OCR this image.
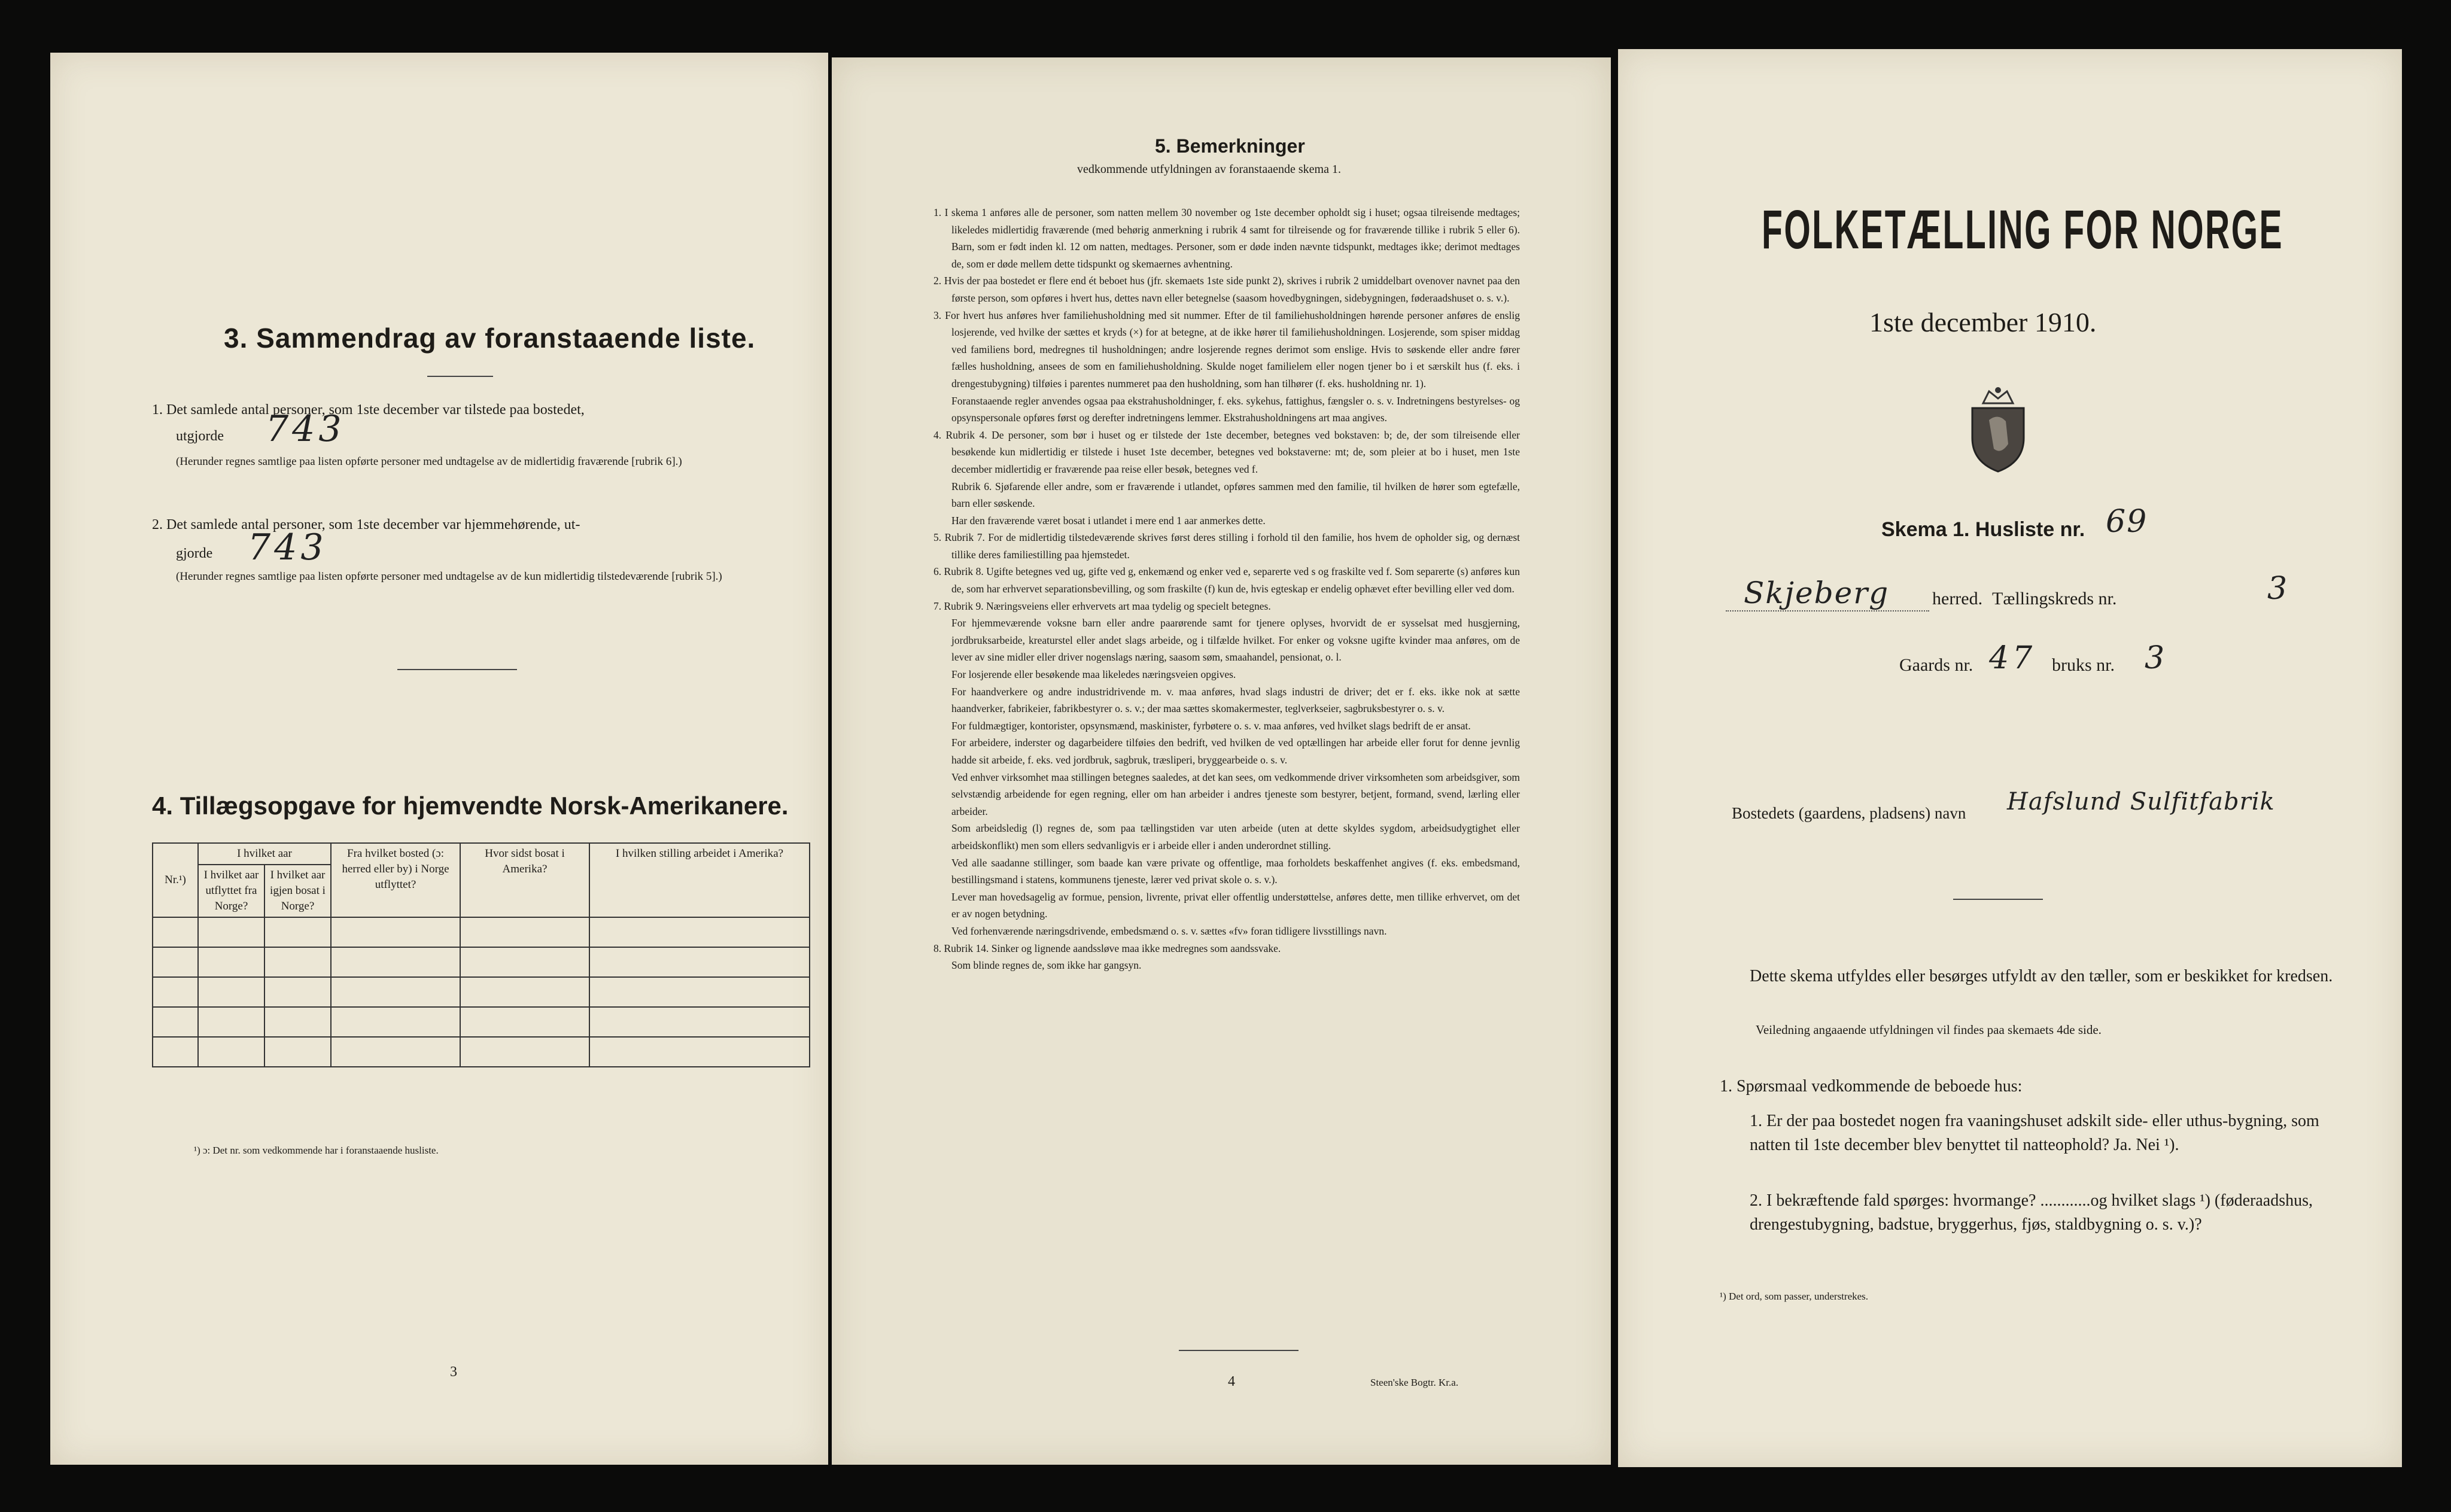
3. Sammendrag av foranstaaende liste.
1. Det samlede antal personer, som 1ste december var tilstede paa bostedet,
utgjorde 743
(Herunder regnes samtlige paa listen opførte personer med undtagelse av de midlertidig fraværende [rubrik 6].)
2. Det samlede antal personer, som 1ste december var hjemmehørende, ut-
gjorde 743
(Herunder regnes samtlige paa listen opførte personer med undtagelse av de kun midlertidig tilstedeværende [rubrik 5].)
4. Tillægsopgave for hjemvendte Norsk-Amerikanere.
Nr.¹)	I hvilket aar		Fra hvilket bosted (ɔ: herred eller by) i Norge utflyttet?	Hvor sidst bosat i Amerika?	I hvilken stilling arbeidet i Amerika?
	I hvilket aar utflyttet fra Norge?	I hvilket aar igjen bosat i Norge?			

¹) ɔ: Det nr. som vedkommende har i foranstaaende husliste.
3
5. Bemerkninger
vedkommende utfyldningen av foranstaaende skema 1.

1. I skema 1 anføres alle de personer, som natten mellem 30 november og 1ste december opholdt sig i huset; ogsaa tilreisende medtages; likeledes midlertidig fraværende (med behørig anmerkning i rubrik 4 samt for tilreisende og for fraværende tillike i rubrik 5 eller 6). Barn, som er født inden kl. 12 om natten, medtages. Personer, som er døde inden nævnte tidspunkt, medtages ikke; derimot medtages de, som er døde mellem dette tidspunkt og skemaernes avhentning.

2. Hvis der paa bostedet er flere end ét beboet hus (jfr. skemaets 1ste side punkt 2), skrives i rubrik 2 umiddelbart ovenover navnet paa den første person, som opføres i hvert hus, dettes navn eller betegnelse (saasom hovedbygningen, sidebygningen, føderaadshuset o. s. v.).

3. For hvert hus anføres hver familiehusholdning med sit nummer. Efter de til familiehusholdningen hørende personer anføres de enslig losjerende, ved hvilke der sættes et kryds (×) for at betegne, at de ikke hører til familiehusholdningen. Losjerende, som spiser middag ved familiens bord, medregnes til husholdningen; andre losjerende regnes derimot som enslige. Hvis to søskende eller andre fører fælles husholdning, ansees de som en familiehusholdning. Skulde noget familielem eller nogen tjener bo i et særskilt hus (f. eks. i drengestubygning) tilføies i parentes nummeret paa den husholdning, som han tilhører (f. eks. husholdning nr. 1).

Foranstaaende regler anvendes ogsaa paa ekstrahusholdninger, f. eks. sykehus, fattighus, fængsler o. s. v. Indretningens bestyrelses- og opsynspersonale opføres først og derefter indretningens lemmer. Ekstrahusholdningens art maa angives.

4. Rubrik 4. De personer, som bør i huset og er tilstede der 1ste december, betegnes ved bokstaven: b; de, der som tilreisende eller besøkende kun midlertidig er tilstede i huset 1ste december, betegnes ved bokstaverne: mt; de, som pleier at bo i huset, men 1ste december midlertidig er fraværende paa reise eller besøk, betegnes ved f.

Rubrik 6. Sjøfarende eller andre, som er fraværende i utlandet, opføres sammen med den familie, til hvilken de hører som egtefælle, barn eller søskende.

Har den fraværende været bosat i utlandet i mere end 1 aar anmerkes dette.

5. Rubrik 7. For de midlertidig tilstedeværende skrives først deres stilling i forhold til den familie, hos hvem de opholder sig, og dernæst tillike deres familiestilling paa hjemstedet.

6. Rubrik 8. Ugifte betegnes ved ug, gifte ved g, enkemænd og enker ved e, separerte ved s og fraskilte ved f. Som separerte (s) anføres kun de, som har erhvervet separationsbevilling, og som fraskilte (f) kun de, hvis egteskap er endelig ophævet efter bevilling eller ved dom.

7. Rubrik 9. Næringsveiens eller erhvervets art maa tydelig og specielt betegnes.

For hjemmeværende voksne barn eller andre paarørende samt for tjenere oplyses, hvorvidt de er sysselsat med husgjerning, jordbruksarbeide, kreaturstel eller andet slags arbeide, og i tilfælde hvilket. For enker og voksne ugifte kvinder maa anføres, om de lever av sine midler eller driver nogenslags næring, saasom søm, smaahandel, pensionat, o. l.

For losjerende eller besøkende maa likeledes næringsveien opgives.

For haandverkere og andre industridrivende m. v. maa anføres, hvad slags industri de driver; det er f. eks. ikke nok at sætte haandverker, fabrikeier, fabrikbestyrer o. s. v.; der maa sættes skomakermester, teglverkseier, sagbruksbestyrer o. s. v.

For fuldmægtiger, kontorister, opsynsmænd, maskinister, fyrbøtere o. s. v. maa anføres, ved hvilket slags bedrift de er ansat.

For arbeidere, inderster og dagarbeidere tilføies den bedrift, ved hvilken de ved optællingen har arbeide eller forut for denne jevnlig hadde sit arbeide, f. eks. ved jordbruk, sagbruk, træsliperi, bryggearbeide o. s. v.

Ved enhver virksomhet maa stillingen betegnes saaledes, at det kan sees, om vedkommende driver virksomheten som arbeidsgiver, som selvstændig arbeidende for egen regning, eller om han arbeider i andres tjeneste som bestyrer, betjent, formand, svend, lærling eller arbeider.

Som arbeidsledig (l) regnes de, som paa tællingstiden var uten arbeide (uten at dette skyldes sygdom, arbeidsudygtighet eller arbeidskonflikt) men som ellers sedvanligvis er i arbeide eller i anden underordnet stilling.

Ved alle saadanne stillinger, som baade kan være private og offentlige, maa forholdets beskaffenhet angives (f. eks. embedsmand, bestillingsmand i statens, kommunens tjeneste, lærer ved privat skole o. s. v.).

Lever man hovedsagelig av formue, pension, livrente, privat eller offentlig understøttelse, anføres dette, men tillike erhvervet, om det er av nogen betydning.

Ved forhenværende næringsdrivende, embedsmænd o. s. v. sættes «fv» foran tidligere livsstillings navn.

8. Rubrik 14. Sinker og lignende aandssløve maa ikke medregnes som aandssvake.

Som blinde regnes de, som ikke har gangsyn.

4	Steen'ske Bogtr. Kr.a.
FOLKETÆLLING FOR NORGE
1ste december 1910.
Skema 1. Husliste nr. 69
Skjeberg herred. Tællingskreds nr.	3
Gaards nr. 47 bruks nr. 3
Bostedets (gaardens, pladsens) navn Hafslund Sulfitfabrik
Dette skema utfyldes eller besørges utfyldt av den tæller, som er beskikket for kredsen.
Veiledning angaaende utfyldningen vil findes paa skemaets 4de side.
1. Spørsmaal vedkommende de beboede hus:
1. Er der paa bostedet nogen fra vaaningshuset adskilt side- eller uthus-bygning, som natten til 1ste december blev benyttet til natteophold? Ja. Nei ¹).
2. I bekræftende fald spørges: hvormange? ............og hvilket slags ¹) (føderaadshus, drengestubygning, badstue, bryggerhus, fjøs, staldbygning o. s. v.)?
¹) Det ord, som passer, understrekes.
